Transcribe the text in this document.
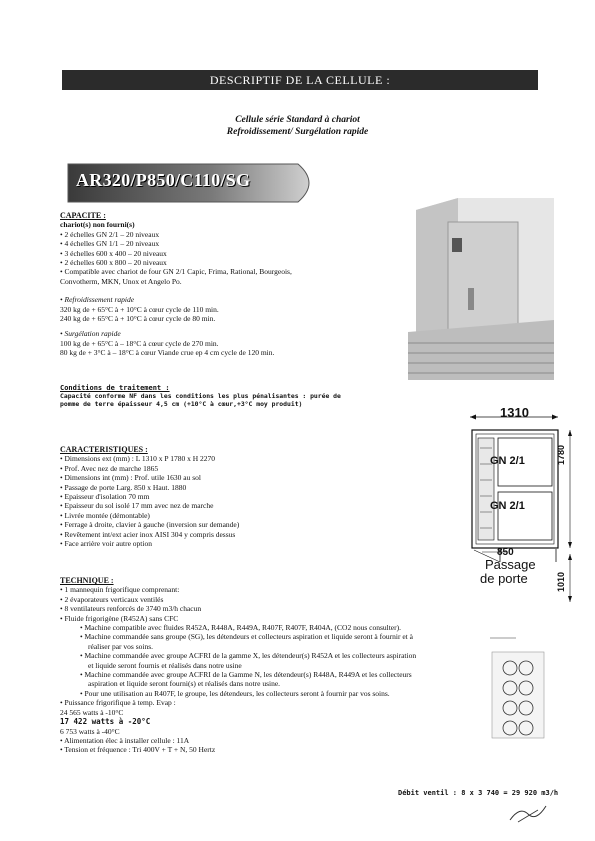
DESCRIPTIF DE LA CELLULE :
Cellule série Standard à chariot
Refroidissement/ Surgélation rapide
AR320/P850/C110/SG
CAPACITE :
chariot(s) non fourni(s)
• 2 échelles GN 2/1 – 20 niveaux
• 4 échelles GN 1/1 – 20 niveaux
• 3 échelles 600 x 400 – 20 niveaux
• 2 échelles 600 x 800 – 20 niveaux
• Compatible avec chariot de four GN 2/1 Capic, Frima, Rational, Bourgeois,
Convotherm, MKN, Unox et Angelo Po.
• Refroidissement rapide
320 kg de + 65°C à + 10°C à cœur cycle de 110 min.
240 kg de + 65°C à + 10°C à cœur cycle de 80 min.
• Surgélation rapide
100 kg de + 65°C à – 18°C à cœur cycle de 270 min.
80 kg de + 3°C à – 18°C à cœur Viande crue ep 4 cm cycle de 120 min.
Conditions de traitement :
Capacité conforme NF dans les conditions les plus pénalisantes : purée de
pomme de terre épaisseur 4,5 cm (+10°C à cœur,+3°C moy produit)
1310
GN 2/1
GN 2/1
1780
850
Passage
de porte	1010
CARACTERISTIQUES :
• Dimensions ext (mm) : L 1310 x P 1780 x H 2270
• Prof. Avec nez de marche 1865
• Dimensions int (mm) : Prof. utile 1630 au sol
• Passage de porte Larg. 850 x Haut. 1880
• Epaisseur d'isolation 70 mm
• Epaisseur du sol isolé 17 mm avec nez de marche
• Livrée montée (démontable)
• Ferrage à droite, clavier à gauche (inversion sur demande)
• Revêtement int/ext acier inox AISI 304 y compris dessus
• Face arrière voir autre option
TECHNIQUE :
• 1 mannequin frigorifique comprenant:
• 2 évaporateurs verticaux ventilés
• 8 ventilateurs renforcés de 3740 m3/h chacun
• Fluide frigorigène (R452A) sans CFC
• Machine compatible avec fluides R452A, R448A, R449A, R407F, R407F, R404A, (CO2 nous consulter).
• Machine commandée sans groupe (SG), les détendeurs et collecteurs aspiration et liquide seront à fournir et à réaliser par vos soins.
• Machine commandée avec groupe ACFRI de la gamme X, les détendeur(s) R452A et les collecteurs aspiration et liquide seront fournis et réalisés dans notre usine
• Machine commandée avec groupe ACFRI de la Gamme N, les détendeur(s) R448A, R449A et les collecteurs aspiration et liquide seront fourni(s) et réalisés dans notre usine.
• Pour une utilisation au R407F, le groupe, les détendeurs, les collecteurs seront à fournir par vos soins.
• Puissance frigorifique à temp. Evap :
24 565 watts à -10°C
17 422 watts à -20°C
6 753 watts à -40°C
• Alimentation élec à installer cellule : 11A
• Tension et fréquence : Tri 400V + T + N, 50 Hertz
Débit ventil : 8 x 3 740 = 29 920 m3/h
